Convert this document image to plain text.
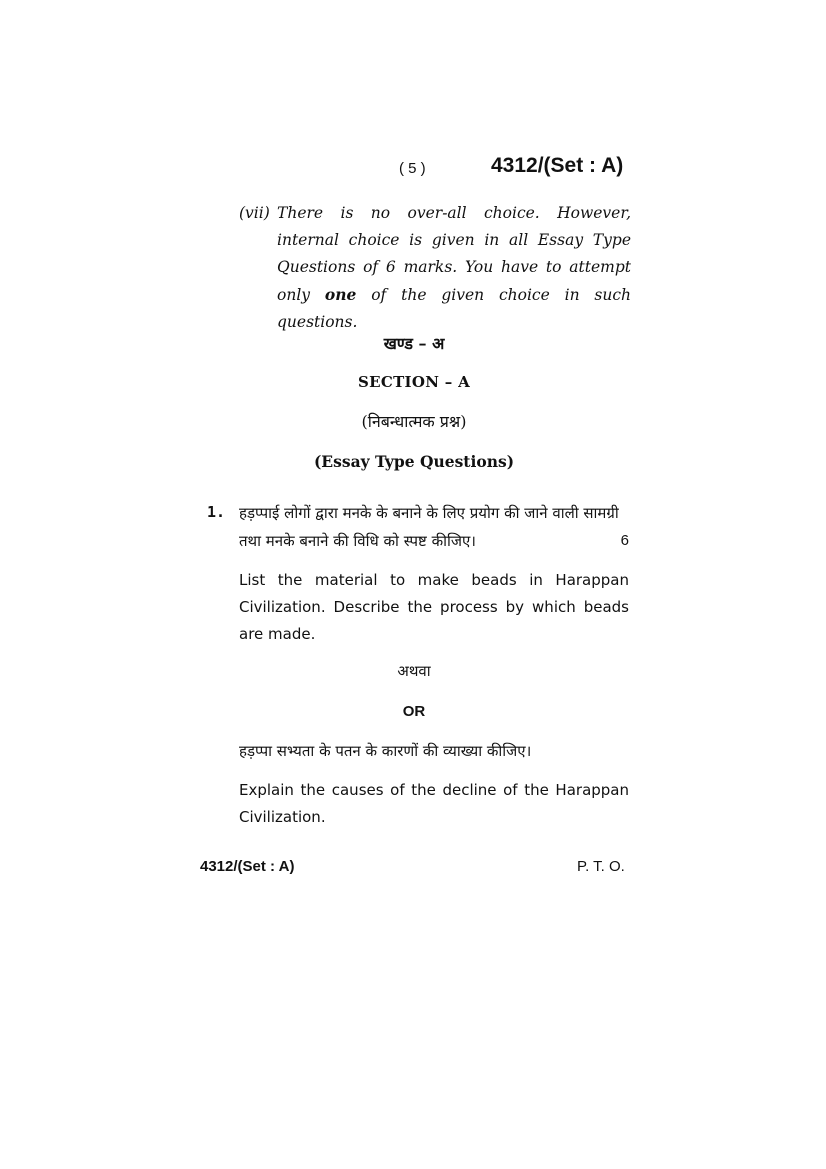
( 5 )	4312/(Set : A)
(vii) There is no over-all choice. However, internal choice is given in all Essay Type Questions of 6 marks. You have to attempt only one of the given choice in such questions.
खण्ड – अ
SECTION – A
(निबन्धात्मक प्रश्न)
(Essay Type Questions)
1. हड़प्पाई लोगों द्वारा मनके के बनाने के लिए प्रयोग की जाने वाली सामग्री तथा मनके बनाने की विधि को स्पष्ट कीजिए।	6
List the material to make beads in Harappan Civilization. Describe the process by which beads are made.
अथवा
OR
हड़प्पा सभ्यता के पतन के कारणों की व्याख्या कीजिए।
Explain the causes of the decline of the Harappan Civilization.
4312/(Set : A)	P. T. O.
